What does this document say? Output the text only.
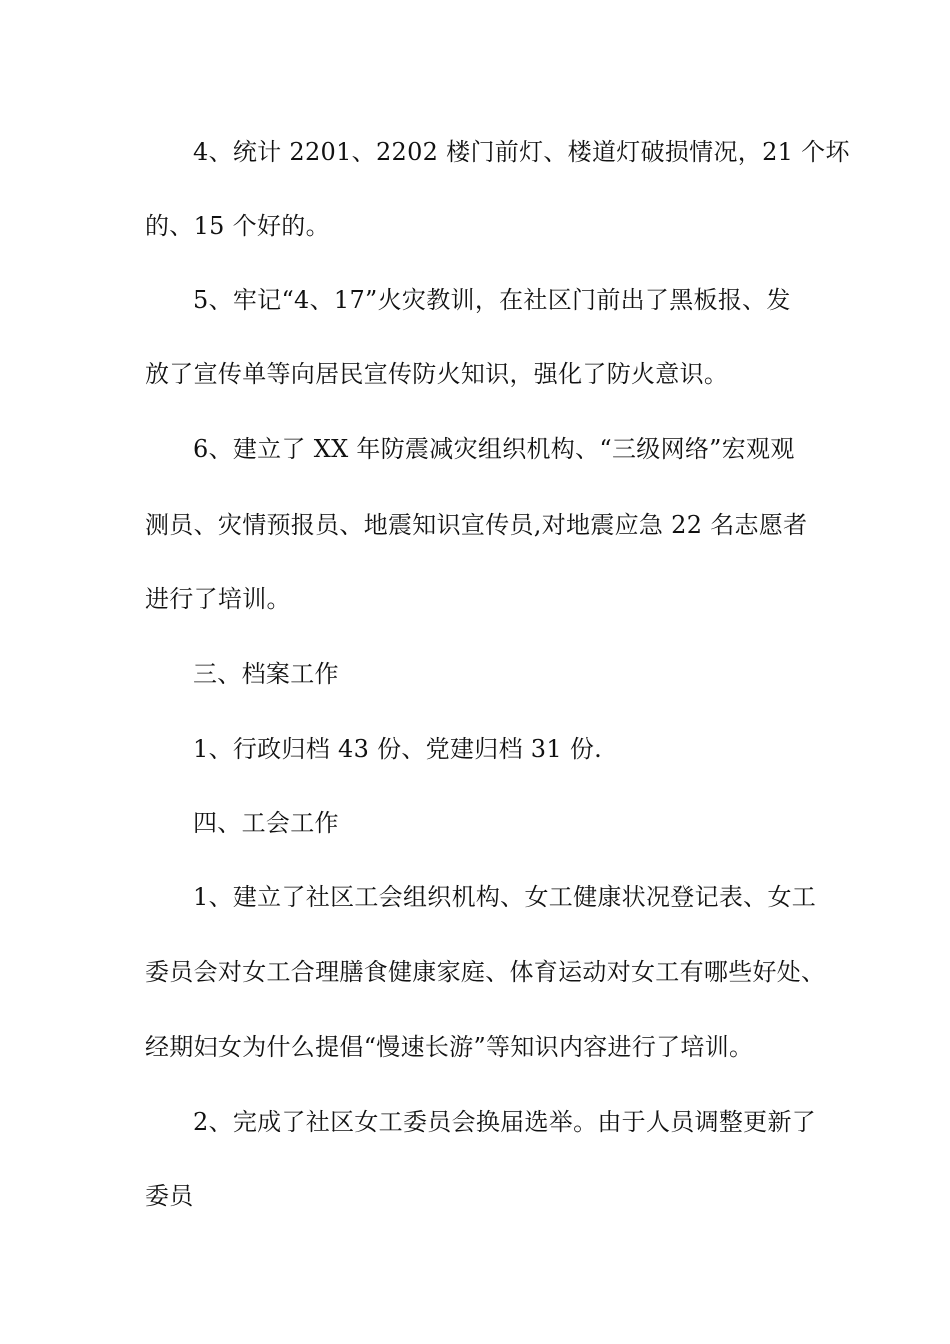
4、统计 2201、2202 楼门前灯、楼道灯破损情况，21 个坏
的、15 个好的。
5、牢记“4、17”火灾教训，在社区门前出了黑板报、发
放了宣传单等向居民宣传防火知识，强化了防火意识。
6、建立了 XX 年防震减灾组织机构、“三级网络”宏观观
测员、灾情预报员、地震知识宣传员,对地震应急 22 名志愿者
进行了培训。
三、档案工作
1、行政归档 43 份、党建归档 31 份.
四、工会工作
1、建立了社区工会组织机构、女工健康状况登记表、女工
委员会对女工合理膳食健康家庭、体育运动对女工有哪些好处、
经期妇女为什么提倡“慢速长游”等知识内容进行了培训。
2、完成了社区女工委员会换届选举。由于人员调整更新了
委员
